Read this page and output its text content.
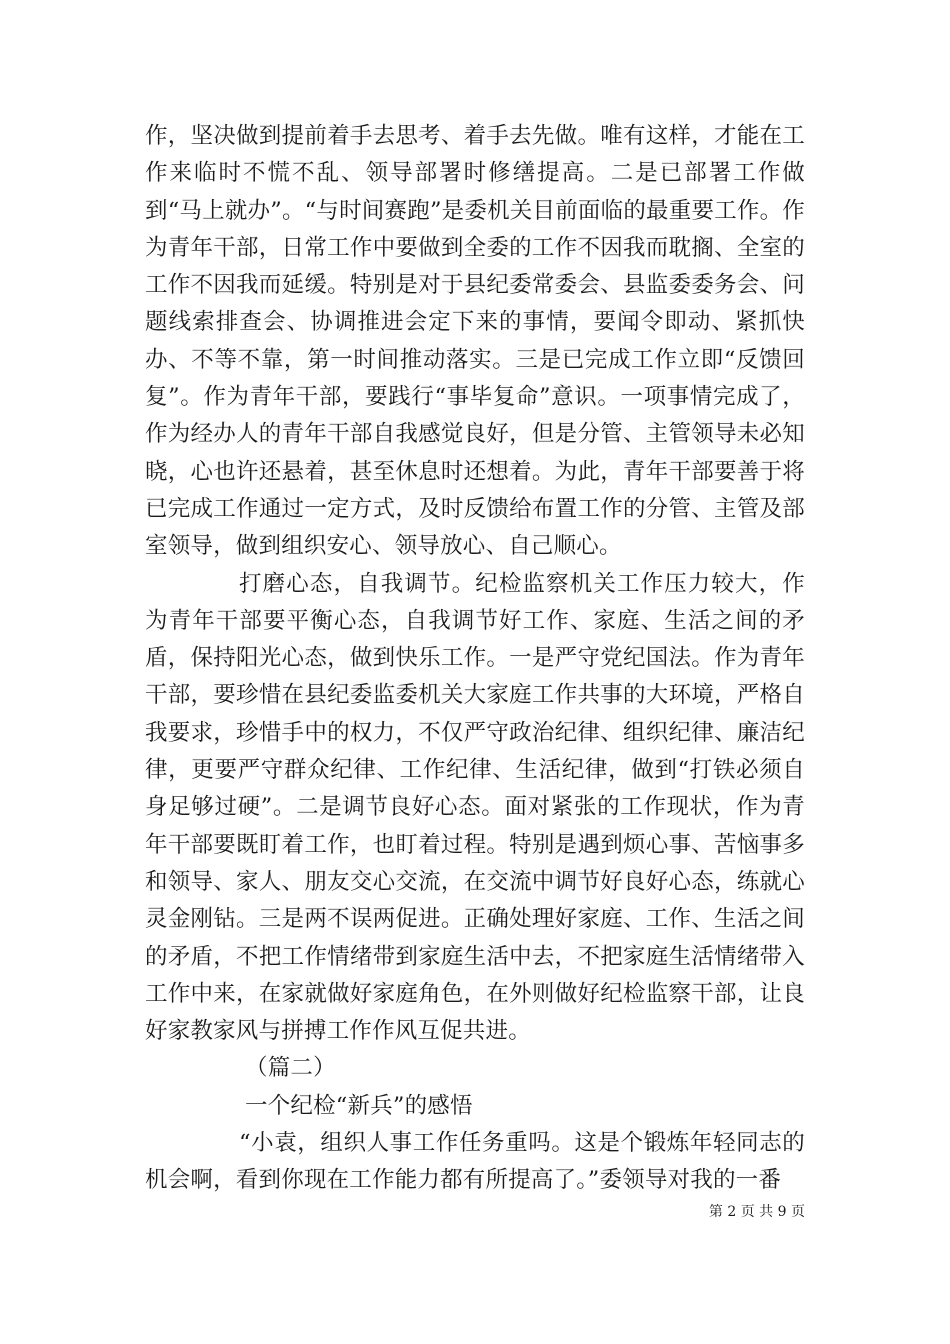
作，坚决做到提前着手去思考、着手去先做。唯有这样，才能在工作来临时不慌不乱、领导部署时修缮提高。二是已部署工作做到“马上就办”。“与时间赛跑”是委机关目前面临的最重要工作。作为青年干部，日常工作中要做到全委的工作不因我而耽搁、全室的工作不因我而延缓。特别是对于县纪委常委会、县监委委务会、问题线索排查会、协调推进会定下来的事情，要闻令即动、紧抓快办、不等不靠，第一时间推动落实。三是已完成工作立即“反馈回复”。作为青年干部，要践行“事毕复命”意识。一项事情完成了，作为经办人的青年干部自我感觉良好，但是分管、主管领导未必知晓，心也许还悬着，甚至休息时还想着。为此，青年干部要善于将已完成工作通过一定方式，及时反馈给布置工作的分管、主管及部室领导，做到组织安心、领导放心、自己顺心。

打磨心态，自我调节。纪检监察机关工作压力较大，作为青年干部要平衡心态，自我调节好工作、家庭、生活之间的矛盾，保持阳光心态，做到快乐工作。一是严守党纪国法。作为青年干部，要珍惜在县纪委监委机关大家庭工作共事的大环境，严格自我要求，珍惜手中的权力，不仅严守政治纪律、组织纪律、廉洁纪律，更要严守群众纪律、工作纪律、生活纪律，做到“打铁必须自身足够过硬”。二是调节良好心态。面对紧张的工作现状，作为青年干部要既盯着工作，也盯着过程。特别是遇到烦心事、苦恼事多和领导、家人、朋友交心交流，在交流中调节好良好心态，练就心灵金刚钻。三是两不误两促进。正确处理好家庭、工作、生活之间的矛盾，不把工作情绪带到家庭生活中去，不把家庭生活情绪带入工作中来，在家就做好家庭角色，在外则做好纪检监察干部，让良好家教家风与拼搏工作作风互促共进。

（篇二）

一个纪检“新兵”的感悟

“小袁，组织人事工作任务重吗。这是个锻炼年轻同志的机会啊，看到你现在工作能力都有所提高了。”委领导对我的一番

第 2 页 共 9 页
